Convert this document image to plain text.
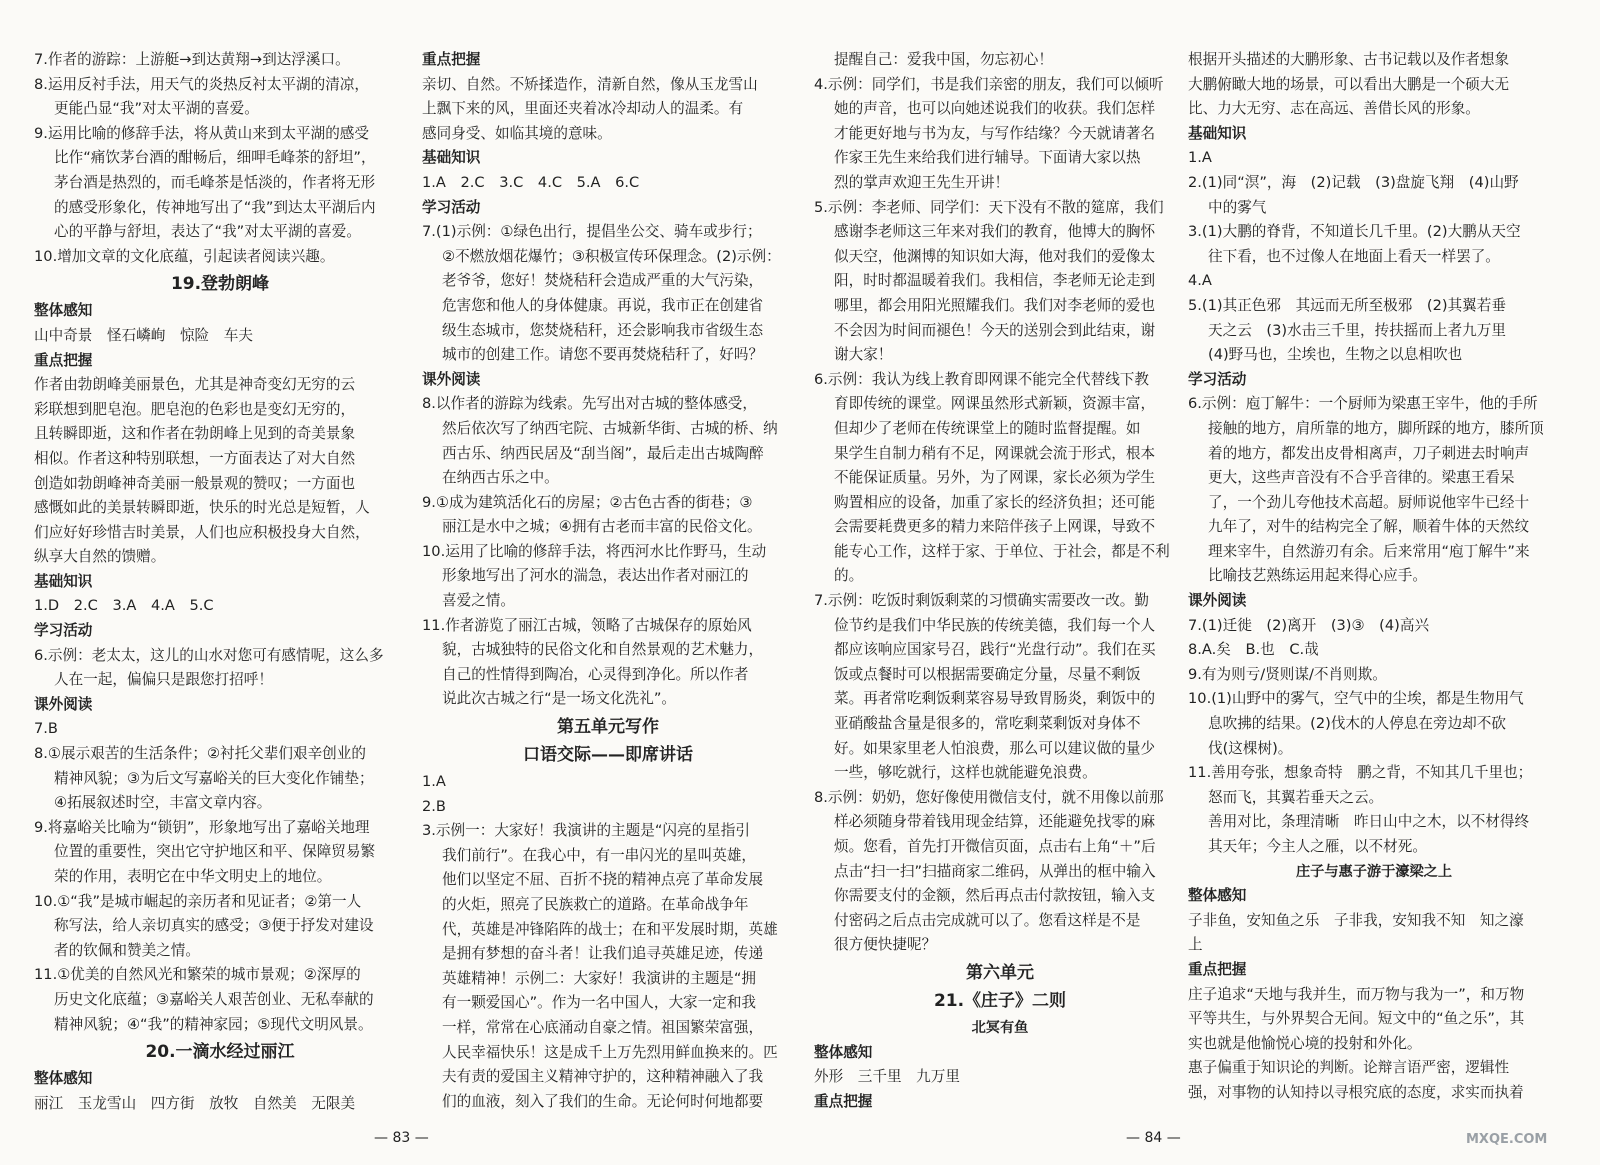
7.作者的游踪：上游艇→到达黄翔→到达浮溪口。

8.运用反衬手法，用天气的炎热反衬太平湖的清凉，

更能凸显“我”对太平湖的喜爱。

9.运用比喻的修辞手法，将从黄山来到太平湖的感受

比作“痛饮茅台酒的酣畅后，细呷毛峰茶的舒坦”，

茅台酒是热烈的，而毛峰茶是恬淡的，作者将无形

的感受形象化，传神地写出了“我”到达太平湖后内

心的平静与舒坦，表达了“我”对太平湖的喜爱。

10.增加文章的文化底蕴，引起读者阅读兴趣。

19.登勃朗峰
整体感知

山中奇景　怪石嶙峋　惊险　车夫

重点把握

作者由勃朗峰美丽景色，尤其是神奇变幻无穷的云

彩联想到肥皂泡。肥皂泡的色彩也是变幻无穷的，

且转瞬即逝，这和作者在勃朗峰上见到的奇美景象

相似。作者这种特别联想，一方面表达了对大自然

创造如勃朗峰神奇美丽一般景观的赞叹；一方面也

感慨如此的美景转瞬即逝，快乐的时光总是短暂，人

们应好好珍惜吉时美景，人们也应积极投身大自然，

纵享大自然的馈赠。

基础知识

1.D　2.C　3.A　4.A　5.C

学习活动

6.示例：老太太，这儿的山水对您可有感情呢，这么多

人在一起，偏偏只是跟您打招呼！

课外阅读

7.B

8.①展示艰苦的生活条件；②衬托父辈们艰辛创业的

精神风貌；③为后文写嘉峪关的巨大变化作铺垫；

④拓展叙述时空，丰富文章内容。

9.将嘉峪关比喻为“锁钥”，形象地写出了嘉峪关地理

位置的重要性，突出它守护地区和平、保障贸易繁

荣的作用，表明它在中华文明史上的地位。

10.①“我”是城市崛起的亲历者和见证者；②第一人

称写法，给人亲切真实的感受；③便于抒发对建设

者的钦佩和赞美之情。

11.①优美的自然风光和繁荣的城市景观；②深厚的

历史文化底蕴；③嘉峪关人艰苦创业、无私奉献的

精神风貌；④“我”的精神家园；⑤现代文明风景。

20.一滴水经过丽江
整体感知

丽江　玉龙雪山　四方街　放牧　自然美　无限美

重点把握

亲切、自然。不矫揉造作，清新自然，像从玉龙雪山

上飘下来的风，里面还夹着冰冷却动人的温柔。有

感同身受、如临其境的意味。

基础知识

1.A　2.C　3.C　4.C　5.A　6.C

学习活动

7.(1)示例：①绿色出行，提倡坐公交、骑车或步行；

②不燃放烟花爆竹；③积极宣传环保理念。(2)示例：

老爷爷，您好！焚烧秸秆会造成严重的大气污染，

危害您和他人的身体健康。再说，我市正在创建省

级生态城市，您焚烧秸秆，还会影响我市省级生态

城市的创建工作。请您不要再焚烧秸秆了，好吗？

课外阅读

8.以作者的游踪为线索。先写出对古城的整体感受，

然后依次写了纳西宅院、古城新华街、古城的桥、纳

西古乐、纳西民居及“刮当阁”，最后走出古城陶醉

在纳西古乐之中。

9.①成为建筑活化石的房屋；②古色古香的街巷；③

丽江是水中之城；④拥有古老而丰富的民俗文化。

10.运用了比喻的修辞手法，将西河水比作野马，生动

形象地写出了河水的湍急，表达出作者对丽江的

喜爱之情。

11.作者游览了丽江古城，领略了古城保存的原始风

貌，古城独特的民俗文化和自然景观的艺术魅力，

自己的性情得到陶冶，心灵得到净化。所以作者

说此次古城之行“是一场文化洗礼”。

第五单元写作
口语交际——即席讲话

1.A

2.B

3.示例一：大家好！我演讲的主题是“闪亮的星指引

我们前行”。在我心中，有一串闪光的星叫英雄，

他们以坚定不屈、百折不挠的精神点亮了革命发展

的火炬，照亮了民族救亡的道路。在革命战争年

代，英雄是冲锋陷阵的战士；在和平发展时期，英雄

是拥有梦想的奋斗者！让我们追寻英雄足迹，传递

英雄精神！示例二：大家好！我演讲的主题是“拥

有一颗爱国心”。作为一名中国人，大家一定和我

一样，常常在心底涌动自豪之情。祖国繁荣富强，

人民幸福快乐！这是成千上万先烈用鲜血换来的。匹

夫有责的爱国主义精神守护的，这种精神融入了我

们的血液，刻入了我们的生命。无论何时何地都要

提醒自己：爱我中国，勿忘初心！

4.示例：同学们，书是我们亲密的朋友，我们可以倾听

她的声音，也可以向她述说我们的收获。我们怎样

才能更好地与书为友，与写作结缘？今天就请著名

作家王先生来给我们进行辅导。下面请大家以热

烈的掌声欢迎王先生开讲！

5.示例：李老师、同学们：天下没有不散的筵席，我们

感谢李老师这三年来对我们的教育，他博大的胸怀

似天空，他渊博的知识如大海，他对我们的爱像太

阳，时时都温暖着我们。我相信，李老师无论走到

哪里，都会用阳光照耀我们。我们对李老师的爱也

不会因为时间而褪色！今天的送别会到此结束，谢

谢大家！

6.示例：我认为线上教育即网课不能完全代替线下教

育即传统的课堂。网课虽然形式新颖，资源丰富，

但却少了老师在传统课堂上的随时监督提醒。如

果学生自制力稍有不足，网课就会流于形式，根本

不能保证质量。另外，为了网课，家长必须为学生

购置相应的设备，加重了家长的经济负担；还可能

会需要耗费更多的精力来陪伴孩子上网课，导致不

能专心工作，这样于家、于单位、于社会，都是不利

的。

7.示例：吃饭时剩饭剩菜的习惯确实需要改一改。勤

俭节约是我们中华民族的传统美德，我们每一个人

都应该响应国家号召，践行“光盘行动”。我们在买

饭或点餐时可以根据需要确定分量，尽量不剩饭

菜。再者常吃剩饭剩菜容易导致胃肠炎，剩饭中的

亚硝酸盐含量是很多的，常吃剩菜剩饭对身体不

好。如果家里老人怕浪费，那么可以建议做的量少

一些，够吃就行，这样也就能避免浪费。

8.示例：奶奶，您好像使用微信支付，就不用像以前那

样必须随身带着钱用现金结算，还能避免找零的麻

烦。您看，首先打开微信页面，点击右上角“＋”后

点击“扫一扫”扫描商家二维码，从弹出的框中输入

你需要支付的金额，然后再点击付款按钮，输入支

付密码之后点击完成就可以了。您看这样是不是

很方便快捷呢？

第六单元
21.《庄子》二则
北冥有鱼
整体感知

外形　三千里　九万里

重点把握

根据开头描述的大鹏形象、古书记载以及作者想象

大鹏俯瞰大地的场景，可以看出大鹏是一个硕大无

比、力大无穷、志在高远、善借长风的形象。

基础知识

1.A

2.(1)同“溟”，海　(2)记载　(3)盘旋飞翔　(4)山野

中的雾气

3.(1)大鹏的脊背，不知道长几千里。(2)大鹏从天空

往下看，也不过像人在地面上看天一样罢了。

4.A

5.(1)其正色邪　其远而无所至极邪　(2)其翼若垂

天之云　(3)水击三千里，抟扶摇而上者九万里

(4)野马也，尘埃也，生物之以息相吹也

学习活动

6.示例：庖丁解牛：一个厨师为梁惠王宰牛，他的手所

接触的地方，肩所靠的地方，脚所踩的地方，膝所顶

着的地方，都发出皮骨相离声，刀子刺进去时响声

更大，这些声音没有不合乎音律的。梁惠王看呆

了，一个劲儿夸他技术高超。厨师说他宰牛已经十

九年了，对牛的结构完全了解，顺着牛体的天然纹

理来宰牛，自然游刃有余。后来常用“庖丁解牛”来

比喻技艺熟练运用起来得心应手。

课外阅读

7.(1)迁徙　(2)离开　(3)③　(4)高兴

8.A.矣　B.也　C.哉

9.有为则亏/贤则谋/不肖则欺。

10.(1)山野中的雾气，空气中的尘埃，都是生物用气

息吹拂的结果。(2)伐木的人停息在旁边却不砍

伐(这棵树)。

11.善用夸张，想象奇特　鹏之背，不知其几千里也；

怒而飞，其翼若垂天之云。

善用对比，条理清晰　昨日山中之木，以不材得终

其天年；今主人之雁，以不材死。

庄子与惠子游于濠梁之上
整体感知

子非鱼，安知鱼之乐　子非我，安知我不知　知之濠

上

重点把握

庄子追求“天地与我并生，而万物与我为一”，和万物

平等共生，与外界契合无间。短文中的“鱼之乐”，其

实也就是他愉悦心境的投射和外化。

惠子偏重于知识论的判断。论辩言语严密，逻辑性

强，对事物的认知持以寻根究底的态度，求实而执着

— 83 —	— 84 —	MXQE.COM
